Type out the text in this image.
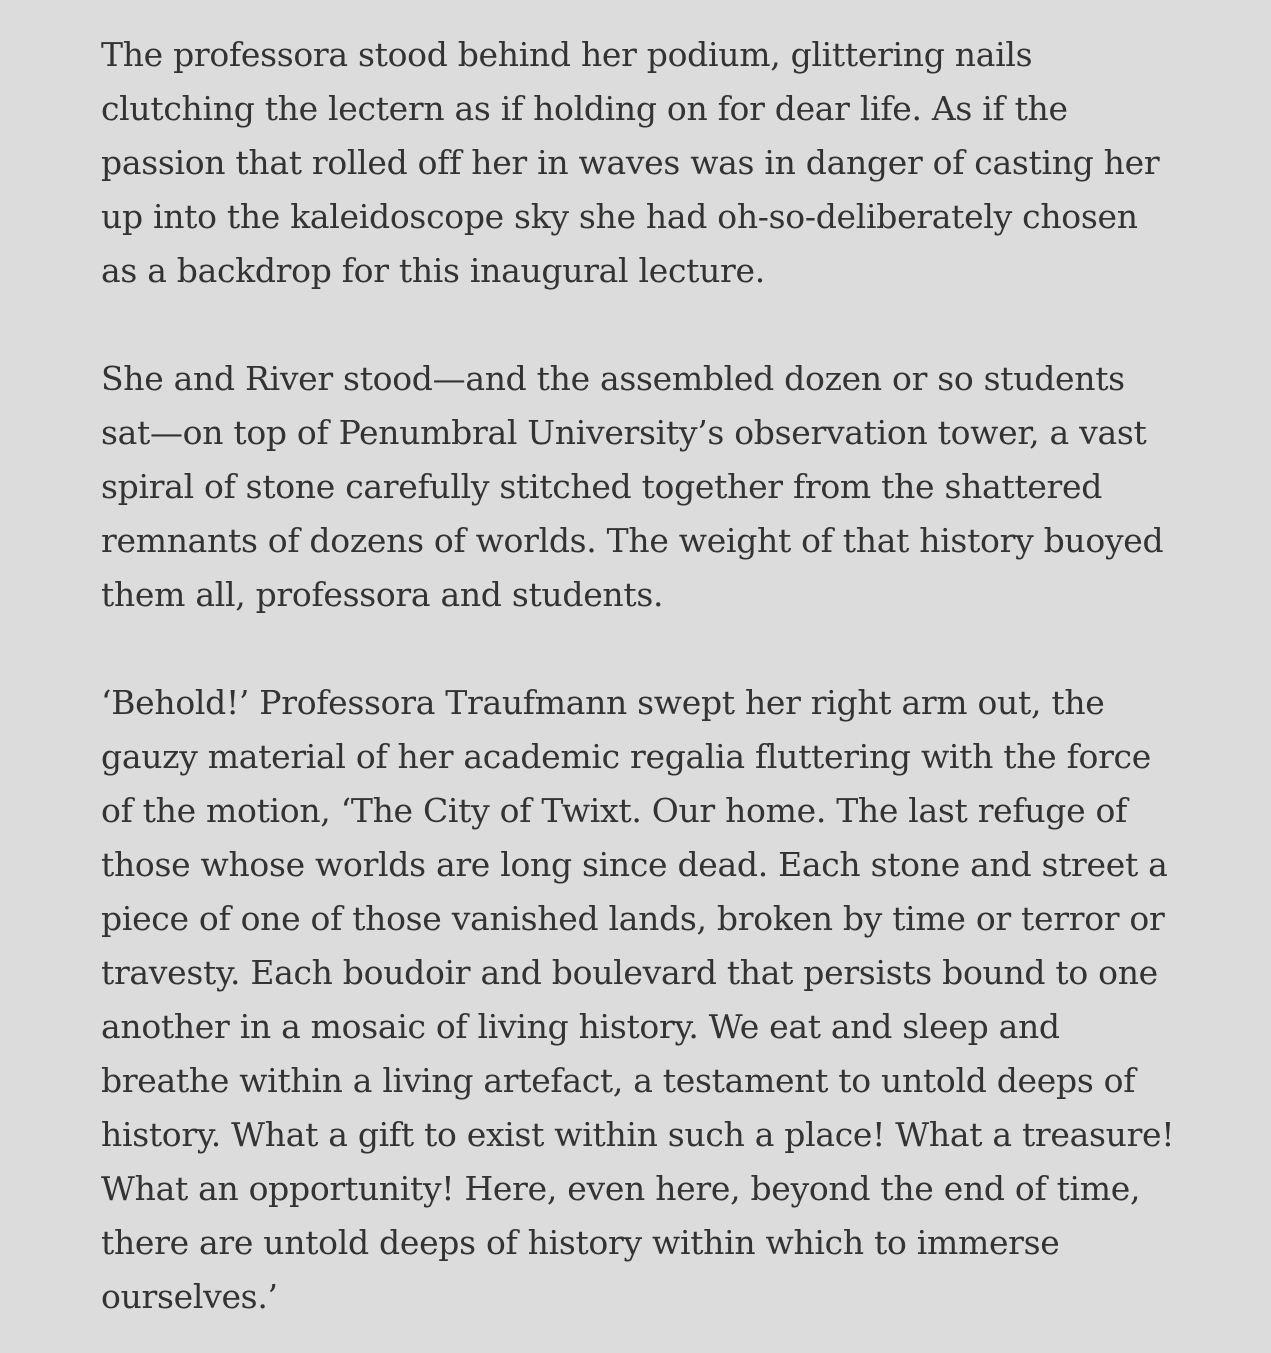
The professora stood behind her podium, glittering nails
clutching the lectern as if holding on for dear life. As if the
passion that rolled off her in waves was in danger of casting her
up into the kaleidoscope sky she had oh-so-deliberately chosen
as a backdrop for this inaugural lecture.

She and River stood—and the assembled dozen or so students
sat—on top of Penumbral University’s observation tower, a vast
spiral of stone carefully stitched together from the shattered
remnants of dozens of worlds. The weight of that history buoyed
them all, professora and students.

‘Behold!’ Professora Traufmann swept her right arm out, the
gauzy material of her academic regalia fluttering with the force
of the motion, ‘The City of Twixt. Our home. The last refuge of
those whose worlds are long since dead. Each stone and street a
piece of one of those vanished lands, broken by time or terror or
travesty. Each boudoir and boulevard that persists bound to one
another in a mosaic of living history. We eat and sleep and
breathe within a living artefact, a testament to untold deeps of
history. What a gift to exist within such a place! What a treasure!
What an opportunity! Here, even here, beyond the end of time,
there are untold deeps of history within which to immerse
ourselves.’
